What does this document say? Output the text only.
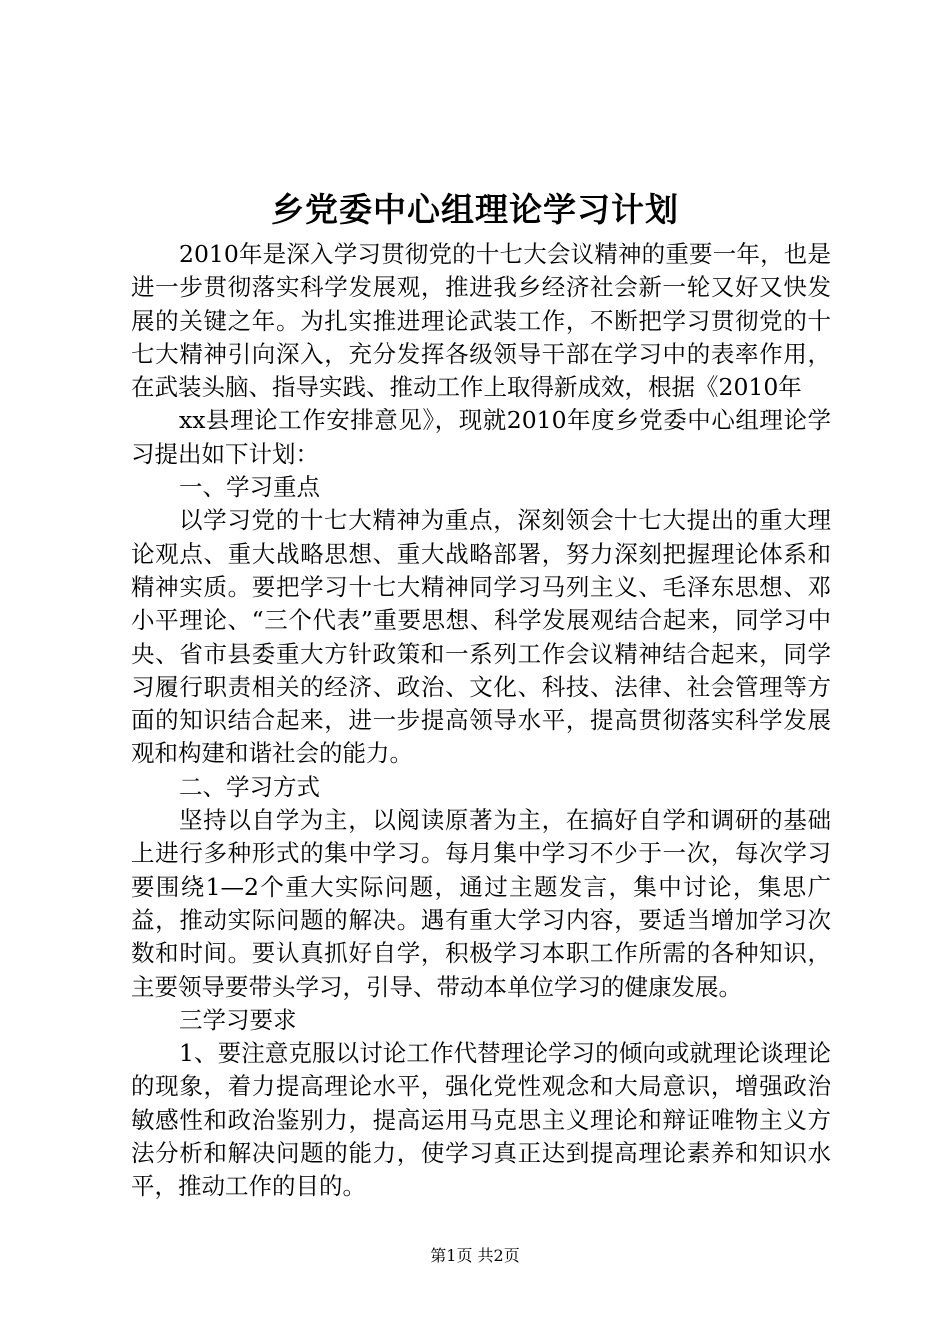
乡党委中心组理论学习计划

2010年是深入学习贯彻党的十七大会议精神的重要一年，也是进一步贯彻落实科学发展观，推进我乡经济社会新一轮又好又快发展的关键之年。为扎实推进理论武装工作，不断把学习贯彻党的十七大精神引向深入，充分发挥各级领导干部在学习中的表率作用，在武装头脑、指导实践、推动工作上取得新成效，根据《2010年

xx县理论工作安排意见》，现就2010年度乡党委中心组理论学习提出如下计划：

一、学习重点

以学习党的十七大精神为重点，深刻领会十七大提出的重大理论观点、重大战略思想、重大战略部署，努力深刻把握理论体系和精神实质。要把学习十七大精神同学习马列主义、毛泽东思想、邓小平理论、“三个代表”重要思想、科学发展观结合起来，同学习中央、省市县委重大方针政策和一系列工作会议精神结合起来，同学习履行职责相关的经济、政治、文化、科技、法律、社会管理等方面的知识结合起来，进一步提高领导水平，提高贯彻落实科学发展观和构建和谐社会的能力。

二、学习方式

坚持以自学为主，以阅读原著为主，在搞好自学和调研的基础上进行多种形式的集中学习。每月集中学习不少于一次，每次学习要围绕1—2个重大实际问题，通过主题发言，集中讨论，集思广益，推动实际问题的解决。遇有重大学习内容，要适当增加学习次数和时间。要认真抓好自学，积极学习本职工作所需的各种知识，主要领导要带头学习，引导、带动本单位学习的健康发展。

三学习要求

1、要注意克服以讨论工作代替理论学习的倾向或就理论谈理论的现象，着力提高理论水平，强化党性观念和大局意识，增强政治敏感性和政治鉴别力，提高运用马克思主义理论和辩证唯物主义方法分析和解决问题的能力，使学习真正达到提高理论素养和知识水平，推动工作的目的。

第1页 共2页
